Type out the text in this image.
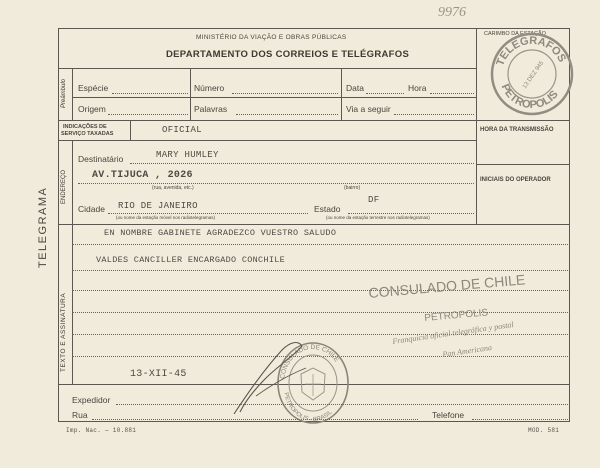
9976
TELEGRAMA
MINISTÉRIO DA VIAÇÃO E OBRAS PÚBLICAS
DEPARTAMENTO DOS CORREIOS E TELÉGRAFOS
CARIMBO DA ESTAÇÃO
Preâmbulo Espécie	Número	Data	Hora
Origem	Palavras	Via a seguir
INDICAÇÕES DE
SERVIÇO TAXADAS	OFICIAL	HORA DA TRANSMISSÃO
INICIAIS DO OPERADOR
ENDEREÇO
Destinatário	MARY HUMLEY
AV.TIJUCA , 2026
(rua, avenida, etc.)	(bairro)
Cidade RIO DE JANEIRO	Estado
DF
(ou nome da estação móvel nos radiotelegramas)	(ou nome da estação terrestre nos radiotelegramas)
TEXTO E ASSINATURA
EN NOMBRE GABINETE AGRADEZCO VUESTRO SALUDO
VALDES CANCILLER ENCARGADO CONCHILE
13-XII-45
CONSULADO DE CHILE
PETROPOLIS
Franquicia oficial telegráfica y postal
Pan Americana
TELEGRAFOS
PETROPOLIS
13 DEZ 945
CONSULADO DE CHILE
PETROPOLIS - BRASIL
Expedidor
Rua	Telefone
Imp. Nac. — 10.881	MOD. 581
